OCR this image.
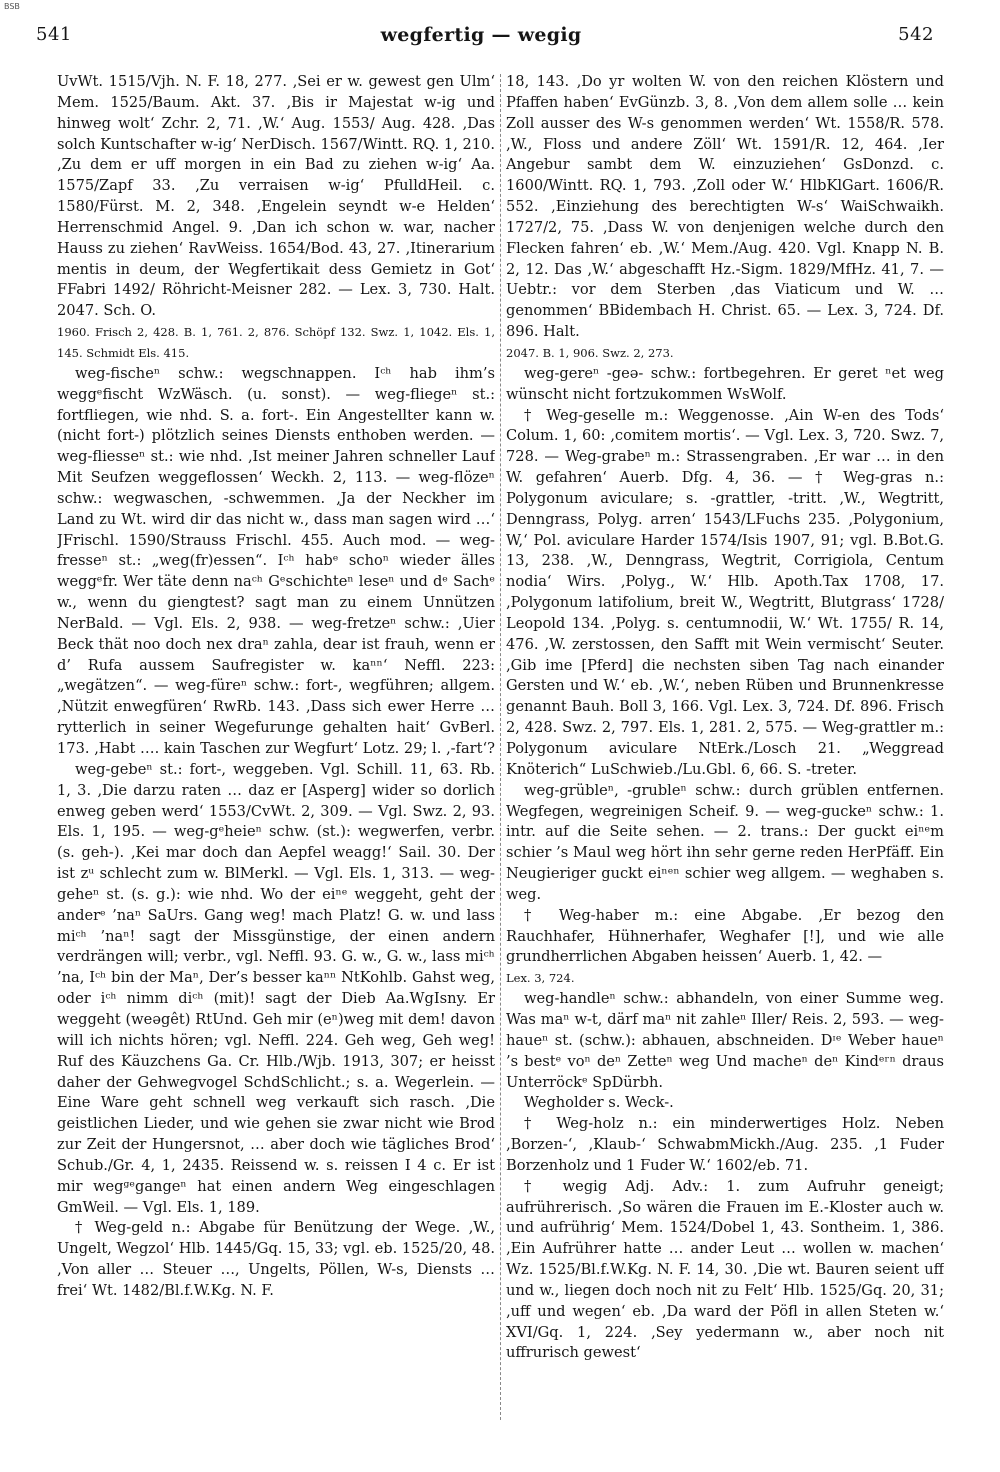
BSB
541	wegfertig — wegig	542

UvWt. 1515/Vjh. N. F. 18, 277. ‚Sei er w. gewest gen Ulm‘ Mem. 1525/Baum. Akt. 37. ‚Bis ir Majestat w-ig und hinweg wolt‘ Zchr. 2, 71. ‚W.‘ Aug. 1553/ Aug. 428. ‚Das solch Kuntschafter w-ig‘ NerDisch. 1567/Wintt. RQ. 1, 210. ‚Zu dem er uff morgen in ein Bad zu ziehen w-ig‘ Aa. 1575/Zapf 33. ‚Zu verraisen w-ig‘ PfulldHeil. c. 1580/Fürst. M. 2, 348. ‚Engelein seyndt w-e Helden‘ Herrenschmid Angel. 9. ‚Dan ich schon w. war, nacher Hauss zu ziehen‘ RavWeiss. 1654/Bod. 43, 27. ‚Itinerarium mentis in deum, der Wegfertikait dess Gemietz in Got‘ FFabri 1492/ Röhricht-Meisner 282. — Lex. 3, 730. Halt. 2047. Sch. O.

1960. Frisch 2, 428. B. 1, 761. 2, 876. Schöpf 132. Swz. 1, 1042. Els. 1, 145. Schmidt Els. 415.

weg-fischeⁿ schw.: wegschnappen. Iᶜʰ hab ihm’s weggᵉfischt WzWäsch. (u. sonst). — weg-fliegeⁿ st.: fortfliegen, wie nhd. S. a. fort-. Ein Angestellter kann w. (nicht fort-) plötzlich seines Diensts enthoben werden. — weg-fliesseⁿ st.: wie nhd. ‚Ist meiner Jahren schneller Lauf Mit Seufzen weggeflossen‘ Weckh. 2, 113. — weg-flözeⁿ schw.: wegwaschen, -schwemmen. ‚Ja der Neckher im Land zu Wt. wird dir das nicht w., dass man sagen wird …‘ JFrischl. 1590/Strauss Frischl. 455. Auch mod. — weg-fresseⁿ st.: „weg(fr)essen“. Iᶜʰ habᵉ schoⁿ wieder älles weggᵉfr. Wer täte denn naᶜʰ Gᵉschichteⁿ leseⁿ und dᵉ Sachᵉ w., wenn du giengtest? sagt man zu einem Unnützen NerBald. — Vgl. Els. 2, 938. — weg-fretzeⁿ schw.: ‚Uier Beck thät noo doch nex draⁿ zahla, dear ist frauh, wenn er d’ Rufa aussem Saufregister w. kaⁿⁿ‘ Neffl. 223: „wegätzen“. — weg-füreⁿ schw.: fort-, wegführen; allgem. ‚Nützit enwegfüren‘ RwRb. 143. ‚Dass sich ewer Herre … rytterlich in seiner Wegefurunge gehalten hait‘ GvBerl. 173. ‚Habt …. kain Taschen zur Wegfurt‘ Lotz. 29; l. ‚-fart‘?

weg-gebeⁿ st.: fort-, weggeben. Vgl. Schill. 11, 63. Rb. 1, 3. ‚Die darzu raten … daz er [Asperg] wider so dorlich enweg geben werd‘ 1553/CvWt. 2, 309. — Vgl. Swz. 2, 93. Els. 1, 195. — weg-gᵉheieⁿ schw. (st.): wegwerfen, verbr. (s. geh-). ‚Kei mar doch dan Aepfel weagg!‘ Sail. 30. Der ist zᵘ schlecht zum w. BlMerkl. — Vgl. Els. 1, 313. — weg-geheⁿ st. (s. g.): wie nhd. Wo der eiⁿᵉ weggeht, geht der anderᵉ ’naⁿ SaUrs. Gang weg! mach Platz! G. w. und lass miᶜʰ ’naⁿ! sagt der Missgünstige, der einen andern verdrängen will; verbr., vgl. Neffl. 93. G. w., G. w., lass miᶜʰ ’na, Iᶜʰ bin der Maⁿ, Der’s besser kaⁿⁿ NtKohlb. Gahst weg, oder iᶜʰ nimm diᶜʰ (mit)! sagt der Dieb Aa.WgIsny. Er weggeht (weəgêt) RtUnd. Geh mir (eⁿ)weg mit dem! davon will ich nichts hören; vgl. Neffl. 224. Geh weg, Geh weg! Ruf des Käuzchens Ga. Cr. Hlb./Wjb. 1913, 307; er heisst daher der Gehwegvogel SchdSchlicht.; s. a. Wegerlein. — Eine Ware geht schnell weg verkauft sich rasch. ‚Die geistlichen Lieder, und wie gehen sie zwar nicht wie Brod zur Zeit der Hungersnot, … aber doch wie tägliches Brod‘ Schub./Gr. 4, 1, 2435. Reissend w. s. reissen I 4 c. Er ist mir wegᵍᵉgangeⁿ hat einen andern Weg eingeschlagen GmWeil. — Vgl. Els. 1, 189.

† Weg-geld n.: Abgabe für Benützung der Wege. ‚W., Ungelt, Wegzol‘ Hlb. 1445/Gq. 15, 33; vgl. eb. 1525/20, 48. ‚Von aller … Steuer …, Ungelts, Pöllen, W-s, Diensts … frei‘ Wt. 1482/Bl.f.W.Kg. N. F.

18, 143. ‚Do yr wolten W. von den reichen Klöstern und Pfaffen haben‘ EvGünzb. 3, 8. ‚Von dem allem solle … kein Zoll ausser des W-s genommen werden‘ Wt. 1558/R. 578. ‚W., Floss und andere Zöll‘ Wt. 1591/R. 12, 464. ‚Ier Angebur sambt dem W. einzuziehen‘ GsDonzd. c. 1600/Wintt. RQ. 1, 793. ‚Zoll oder W.‘ HlbKlGart. 1606/R. 552. ‚Einziehung des berechtigten W-s‘ WaiSchwaikh. 1727/2, 75. ‚Dass W. von denjenigen welche durch den Flecken fahren‘ eb. ‚W.‘ Mem./Aug. 420. Vgl. Knapp N. B. 2, 12. Das ‚W.‘ abgeschafft Hz.-Sigm. 1829/MfHz. 41, 7. — Uebtr.: vor dem Sterben ‚das Viaticum und W. … genommen‘ BBidembach H. Christ. 65. — Lex. 3, 724. Df. 896. Halt.

2047. B. 1, 906. Swz. 2, 273.

weg-gereⁿ -geə- schw.: fortbegehren. Er geret ⁿet weg wünscht nicht fortzukommen WsWolf.

† Weg-geselle m.: Weggenosse. ‚Ain W-en des Tods‘ Colum. 1, 60: ‚comitem mortis‘. — Vgl. Lex. 3, 720. Swz. 7, 728. — Weg-grabeⁿ m.: Strassengraben. ‚Er war … in den W. gefahren‘ Auerb. Dfg. 4, 36. — † Weg-gras n.: Polygonum aviculare; s. -grattler, -tritt. ‚W., Wegtritt, Denngrass, Polyg. arren‘ 1543/LFuchs 235. ‚Polygonium, W,‘ Pol. aviculare Harder 1574/Isis 1907, 91; vgl. B.Bot.G. 13, 238. ‚W., Denngrass, Wegtrit, Corrigiola, Centum nodia‘ Wirs. ‚Polyg., W.‘ Hlb. Apoth.Tax 1708, 17. ‚Polygonum latifolium, breit W., Wegtritt, Blutgrass‘ 1728/ Leopold 134. ‚Polyg. s. centumnodii, W.‘ Wt. 1755/ R. 14, 476. ‚W. zerstossen, den Safft mit Wein vermischt‘ Seuter. ‚Gib ime [Pferd] die nechsten siben Tag nach einander Gersten und W.‘ eb. ‚W.‘, neben Rüben und Brunnenkresse genannt Bauh. Boll 3, 166. Vgl. Lex. 3, 724. Df. 896. Frisch 2, 428. Swz. 2, 797. Els. 1, 281. 2, 575. — Weg-grattler m.: Polygonum aviculare NtErk./Losch 21. „Weggread Knöterich“ LuSchwieb./Lu.Gbl. 6, 66. S. -treter.

weg-grübleⁿ, -grubleⁿ schw.: durch grüblen entfernen. Wegfegen, wegreinigen Scheif. 9. — weg-guckeⁿ schw.: 1. intr. auf die Seite sehen. — 2. trans.: Der guckt eiⁿᵉm schier ’s Maul weg hört ihn sehr gerne reden HerPfäff. Ein Neugieriger guckt eiⁿᵉⁿ schier weg allgem. — weghaben s. weg.

† Weg-haber m.: eine Abgabe. ‚Er bezog den Rauchhafer, Hühnerhafer, Weghafer [!], und wie alle grundherrlichen Abgaben heissen‘ Auerb. 1, 42. —

Lex. 3, 724.

weg-handleⁿ schw.: abhandeln, von einer Summe weg. Was maⁿ w-t, därf maⁿ nit zahleⁿ Iller/ Reis. 2, 593. — weg-haueⁿ st. (schw.): abhauen, abschneiden. Dᶦᵉ Weber haueⁿ ’s bestᵉ voⁿ deⁿ Zetteⁿ weg Und macheⁿ deⁿ Kindᵉʳⁿ draus Unterröckᵉ SpDürbh.

Wegholder s. Weck-.

† Weg-holz n.: ein minderwertiges Holz. Neben ‚Borzen-‘, ‚Klaub-‘ SchwabmMickh./Aug. 235. ‚1 Fuder Borzenholz und 1 Fuder W.‘ 1602/eb. 71.

† wegig Adj. Adv.: 1. zum Aufruhr geneigt; aufrührerisch. ‚So wären die Frauen im E.-Kloster auch w. und aufrührig‘ Mem. 1524/Dobel 1, 43. Sontheim. 1, 386. ‚Ein Aufrührer hatte … ander Leut … wollen w. machen‘ Wz. 1525/Bl.f.W.Kg. N. F. 14, 30. ‚Die wt. Bauren seient uff und w., liegen doch noch nit zu Felt‘ Hlb. 1525/Gq. 20, 31; ‚uff und wegen‘ eb. ‚Da ward der Pöfl in allen Steten w.‘ XVI/Gq. 1, 224. ‚Sey yedermann w., aber noch nit uffrurisch gewest‘
